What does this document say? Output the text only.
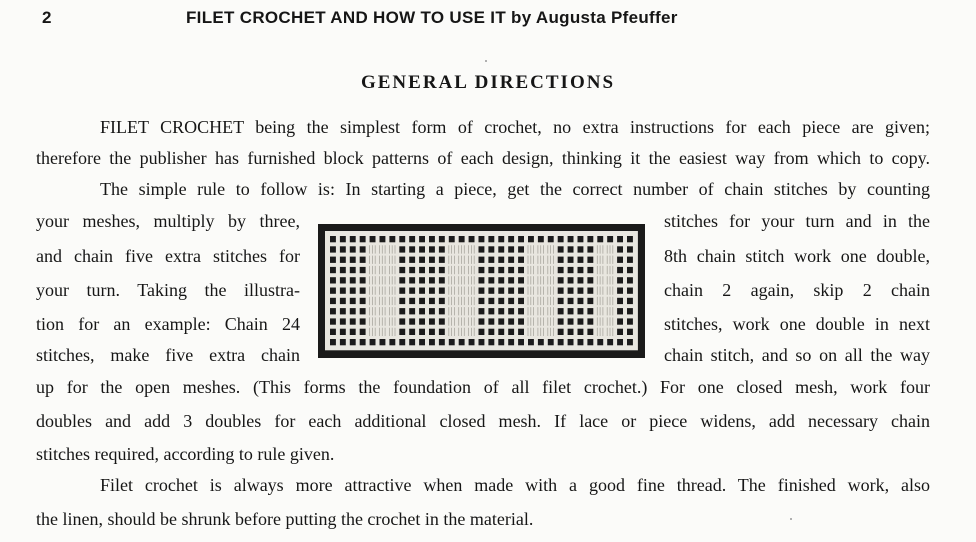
2	FILET CROCHET AND HOW TO USE IT by Augusta Pfeuffer
GENERAL DIRECTIONS
FILET CROCHET being the simplest form of crochet, no extra instructions for each piece are given;
therefore the publisher has furnished block patterns of each design, thinking it the easiest way from which to copy.
The simple rule to follow is: In starting a piece, get the correct number of chain stitches by counting
your meshes, multiply by three,
and chain five extra stitches for
your turn. Taking the illustra-
tion for an example: Chain 24
stitches, make five extra chain
stitches for your turn and in the
8th chain stitch work one double,
chain 2 again, skip 2 chain
stitches, work one double in next
chain stitch, and so on all the way
up for the open meshes. (This forms the foundation of all filet crochet.) For one closed mesh, work four
doubles and add 3 doubles for each additional closed mesh. If lace or piece widens, add necessary chain
stitches required, according to rule given.
Filet crochet is always more attractive when made with a good fine thread. The finished work, also
the linen, should be shrunk before putting the crochet in the material.
